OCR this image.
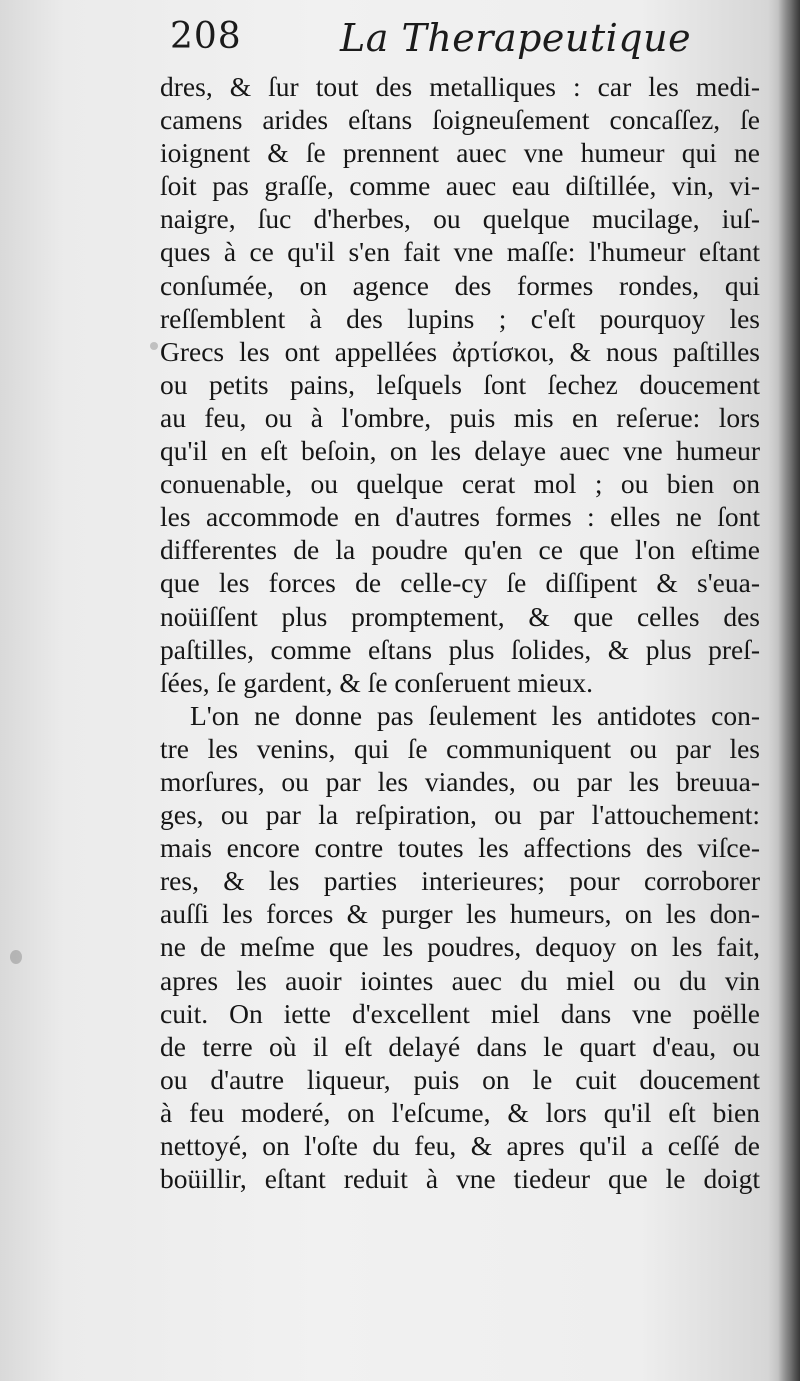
208	La Therapeutique
dres, & ſur tout des metalliques : car les medi-
camens arides eſtans ſoigneuſement concaſſez, ſe
ioignent & ſe prennent auec vne humeur qui ne
ſoit pas graſſe, comme auec eau diſtillée, vin, vi-
naigre, ſuc d'herbes, ou quelque mucilage, iuſ-
ques à ce qu'il s'en fait vne maſſe: l'humeur eſtant
conſumée, on agence des formes rondes, qui
reſſemblent à des lupins ; c'eſt pourquoy les
Grecs les ont appellées ἀρτίσκοι, & nous paſtilles
ou petits pains, leſquels ſont ſechez doucement
au feu, ou à l'ombre, puis mis en reſerue: lors
qu'il en eſt beſoin, on les delaye auec vne humeur
conuenable, ou quelque cerat mol ; ou bien on
les accommode en d'autres formes : elles ne ſont
differentes de la poudre qu'en ce que l'on eſtime
que les forces de celle-cy ſe diſſipent & s'eua-
noüiſſent plus promptement, & que celles des
paſtilles, comme eſtans plus ſolides, & plus preſ-
ſées, ſe gardent, & ſe conſeruent mieux.
L'on ne donne pas ſeulement les antidotes con-
tre les venins, qui ſe communiquent ou par les
morſures, ou par les viandes, ou par les breuua-
ges, ou par la reſpiration, ou par l'attouchement:
mais encore contre toutes les affections des viſce-
res, & les parties interieures; pour corroborer
auſſi les forces & purger les humeurs, on les don-
ne de meſme que les poudres, dequoy on les fait,
apres les auoir iointes auec du miel ou du vin
cuit. On iette d'excellent miel dans vne poëlle
de terre où il eſt delayé dans le quart d'eau, ou
ou d'autre liqueur, puis on le cuit doucement
à feu moderé, on l'eſcume, & lors qu'il eſt bien
nettoyé, on l'oſte du feu, & apres qu'il a ceſſé de
boüillir, eſtant reduit à vne tiedeur que le doigt
